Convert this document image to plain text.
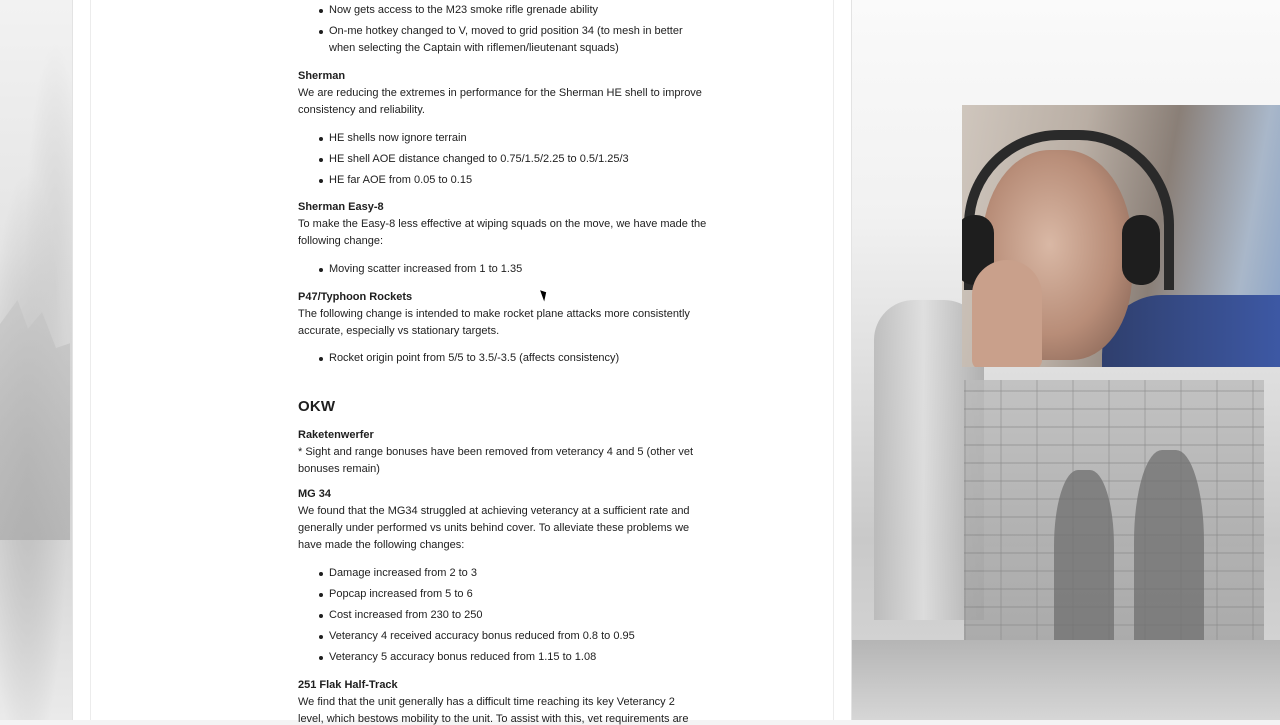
Now gets access to the M23 smoke rifle grenade ability
On-me hotkey changed to V, moved to grid position 34 (to mesh in better
when selecting the Captain with riflemen/lieutenant squads)
Sherman
We are reducing the extremes in performance for the Sherman HE shell to improve
consistency and reliability.
HE shells now ignore terrain
HE shell AOE distance changed to 0.75/1.5/2.25 to 0.5/1.25/3
HE far AOE from 0.05 to 0.15
Sherman Easy-8
To make the Easy-8 less effective at wiping squads on the move, we have made the
following change:
Moving scatter increased from 1 to 1.35
P47/Typhoon Rockets
The following change is intended to make rocket plane attacks more consistently
accurate, especially vs stationary targets.
Rocket origin point from 5/5 to 3.5/-3.5 (affects consistency)
OKW
Raketenwerfer
* Sight and range bonuses have been removed from veterancy 4 and 5 (other vet
bonuses remain)
MG 34
We found that the MG34 struggled at achieving veterancy at a sufficient rate and
generally under performed vs units behind cover. To alleviate these problems we
have made the following changes:
Damage increased from 2 to 3
Popcap increased from 5 to 6
Cost increased from 230 to 250
Veterancy 4 received accuracy bonus reduced from 0.8 to 0.95
Veterancy 5 accuracy bonus reduced from 1.15 to 1.08
251 Flak Half-Track
We find that the unit generally has a difficult time reaching its key Veterancy 2
level, which bestows mobility to the unit. To assist with this, vet requirements are
